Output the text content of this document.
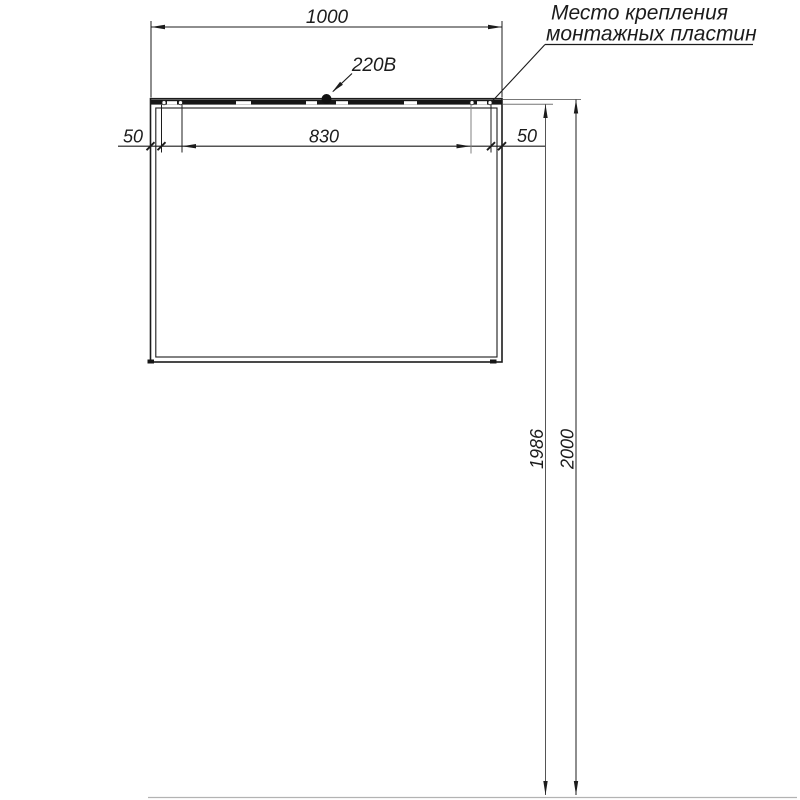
220В
1000
50	830	50
1986 2000
Место крепления
монтажных пластин
